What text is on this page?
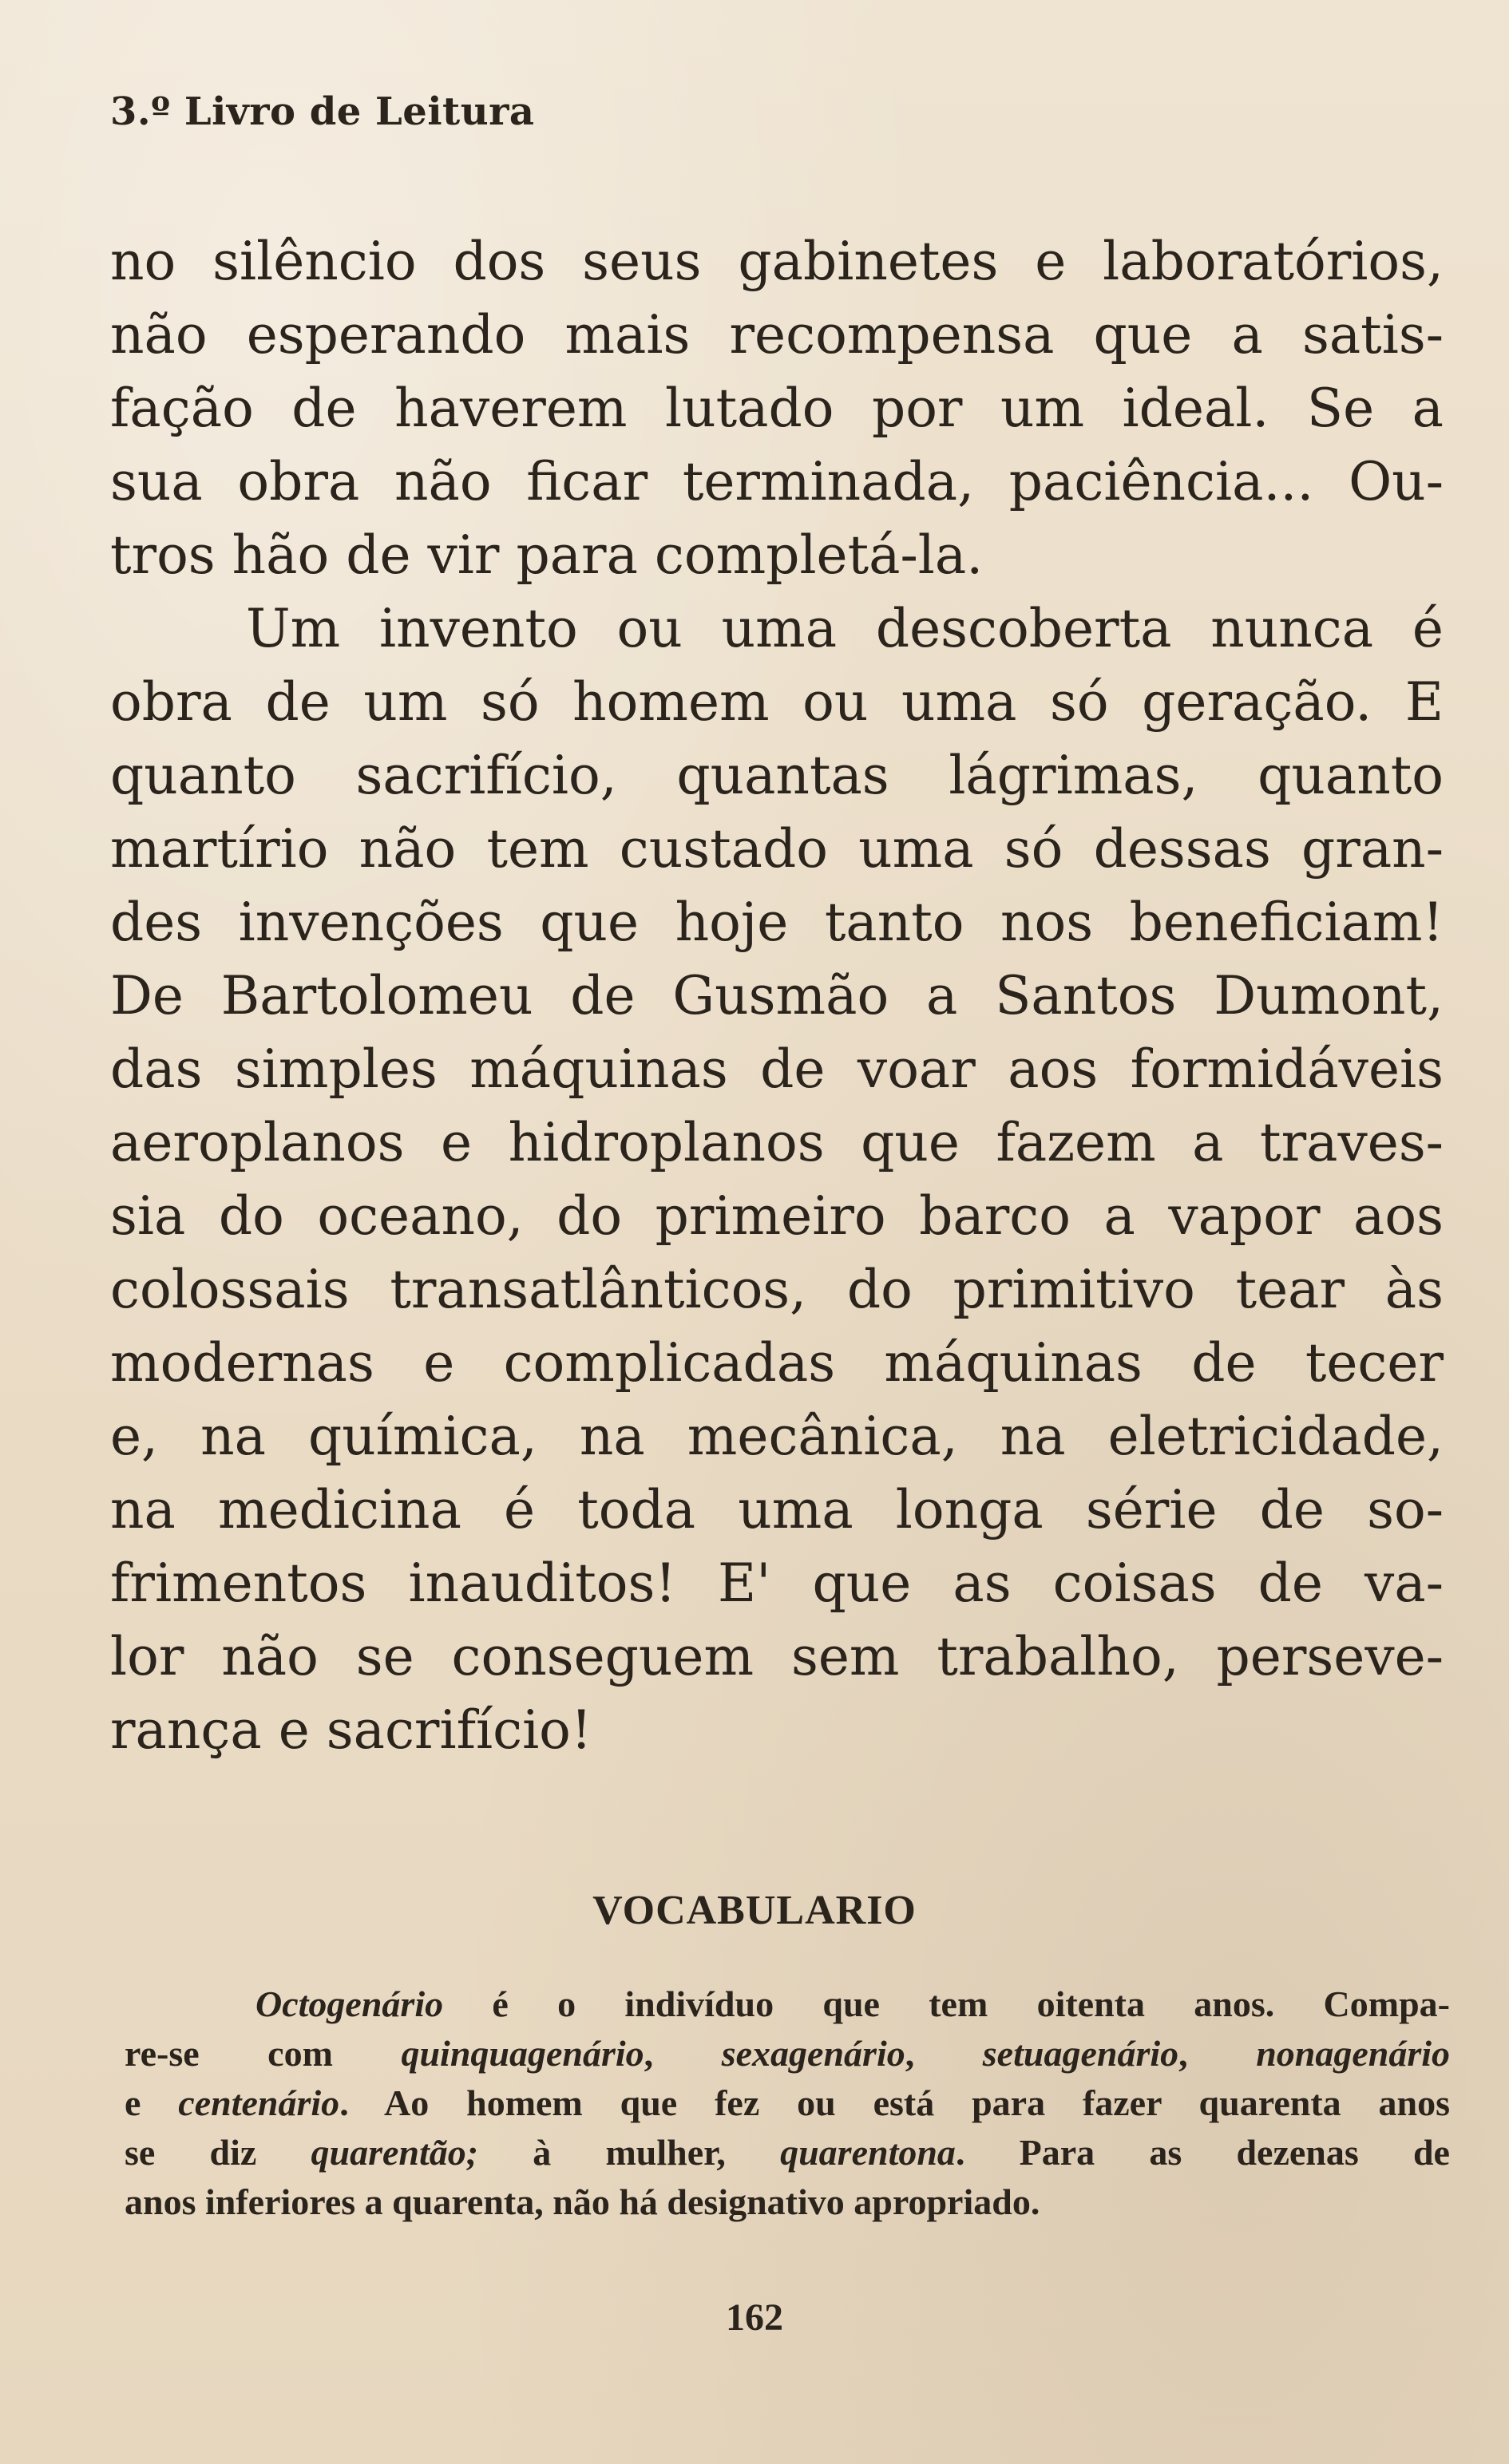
3.º Livro de Leitura
no silêncio dos seus gabinetes e laboratórios,
não esperando mais recompensa que a satis-
fação de haverem lutado por um ideal. Se a
sua obra não ficar terminada, paciência... Ou-
tros hão de vir para completá-la.
Um invento ou uma descoberta nunca é
obra de um só homem ou uma só geração. E
quanto sacrifício, quantas lágrimas, quanto
martírio não tem custado uma só dessas gran-
des invenções que hoje tanto nos beneficiam!
De Bartolomeu de Gusmão a Santos Dumont,
das simples máquinas de voar aos formidáveis
aeroplanos e hidroplanos que fazem a traves-
sia do oceano, do primeiro barco a vapor aos
colossais transatlânticos, do primitivo tear às
modernas e complicadas máquinas de tecer
e, na química, na mecânica, na eletricidade,
na medicina é toda uma longa série de so-
frimentos inauditos! E' que as coisas de va-
lor não se conseguem sem trabalho, perseve-
rança e sacrifício!
VOCABULARIO
Octogenário é o indivíduo que tem oitenta anos. Compa-
re-se com quinquagenário, sexagenário, setuagenário, nonagenário
e centenário. Ao homem que fez ou está para fazer quarenta anos
se diz quarentão; à mulher, quarentona. Para as dezenas de
anos inferiores a quarenta, não há designativo apropriado.
162
